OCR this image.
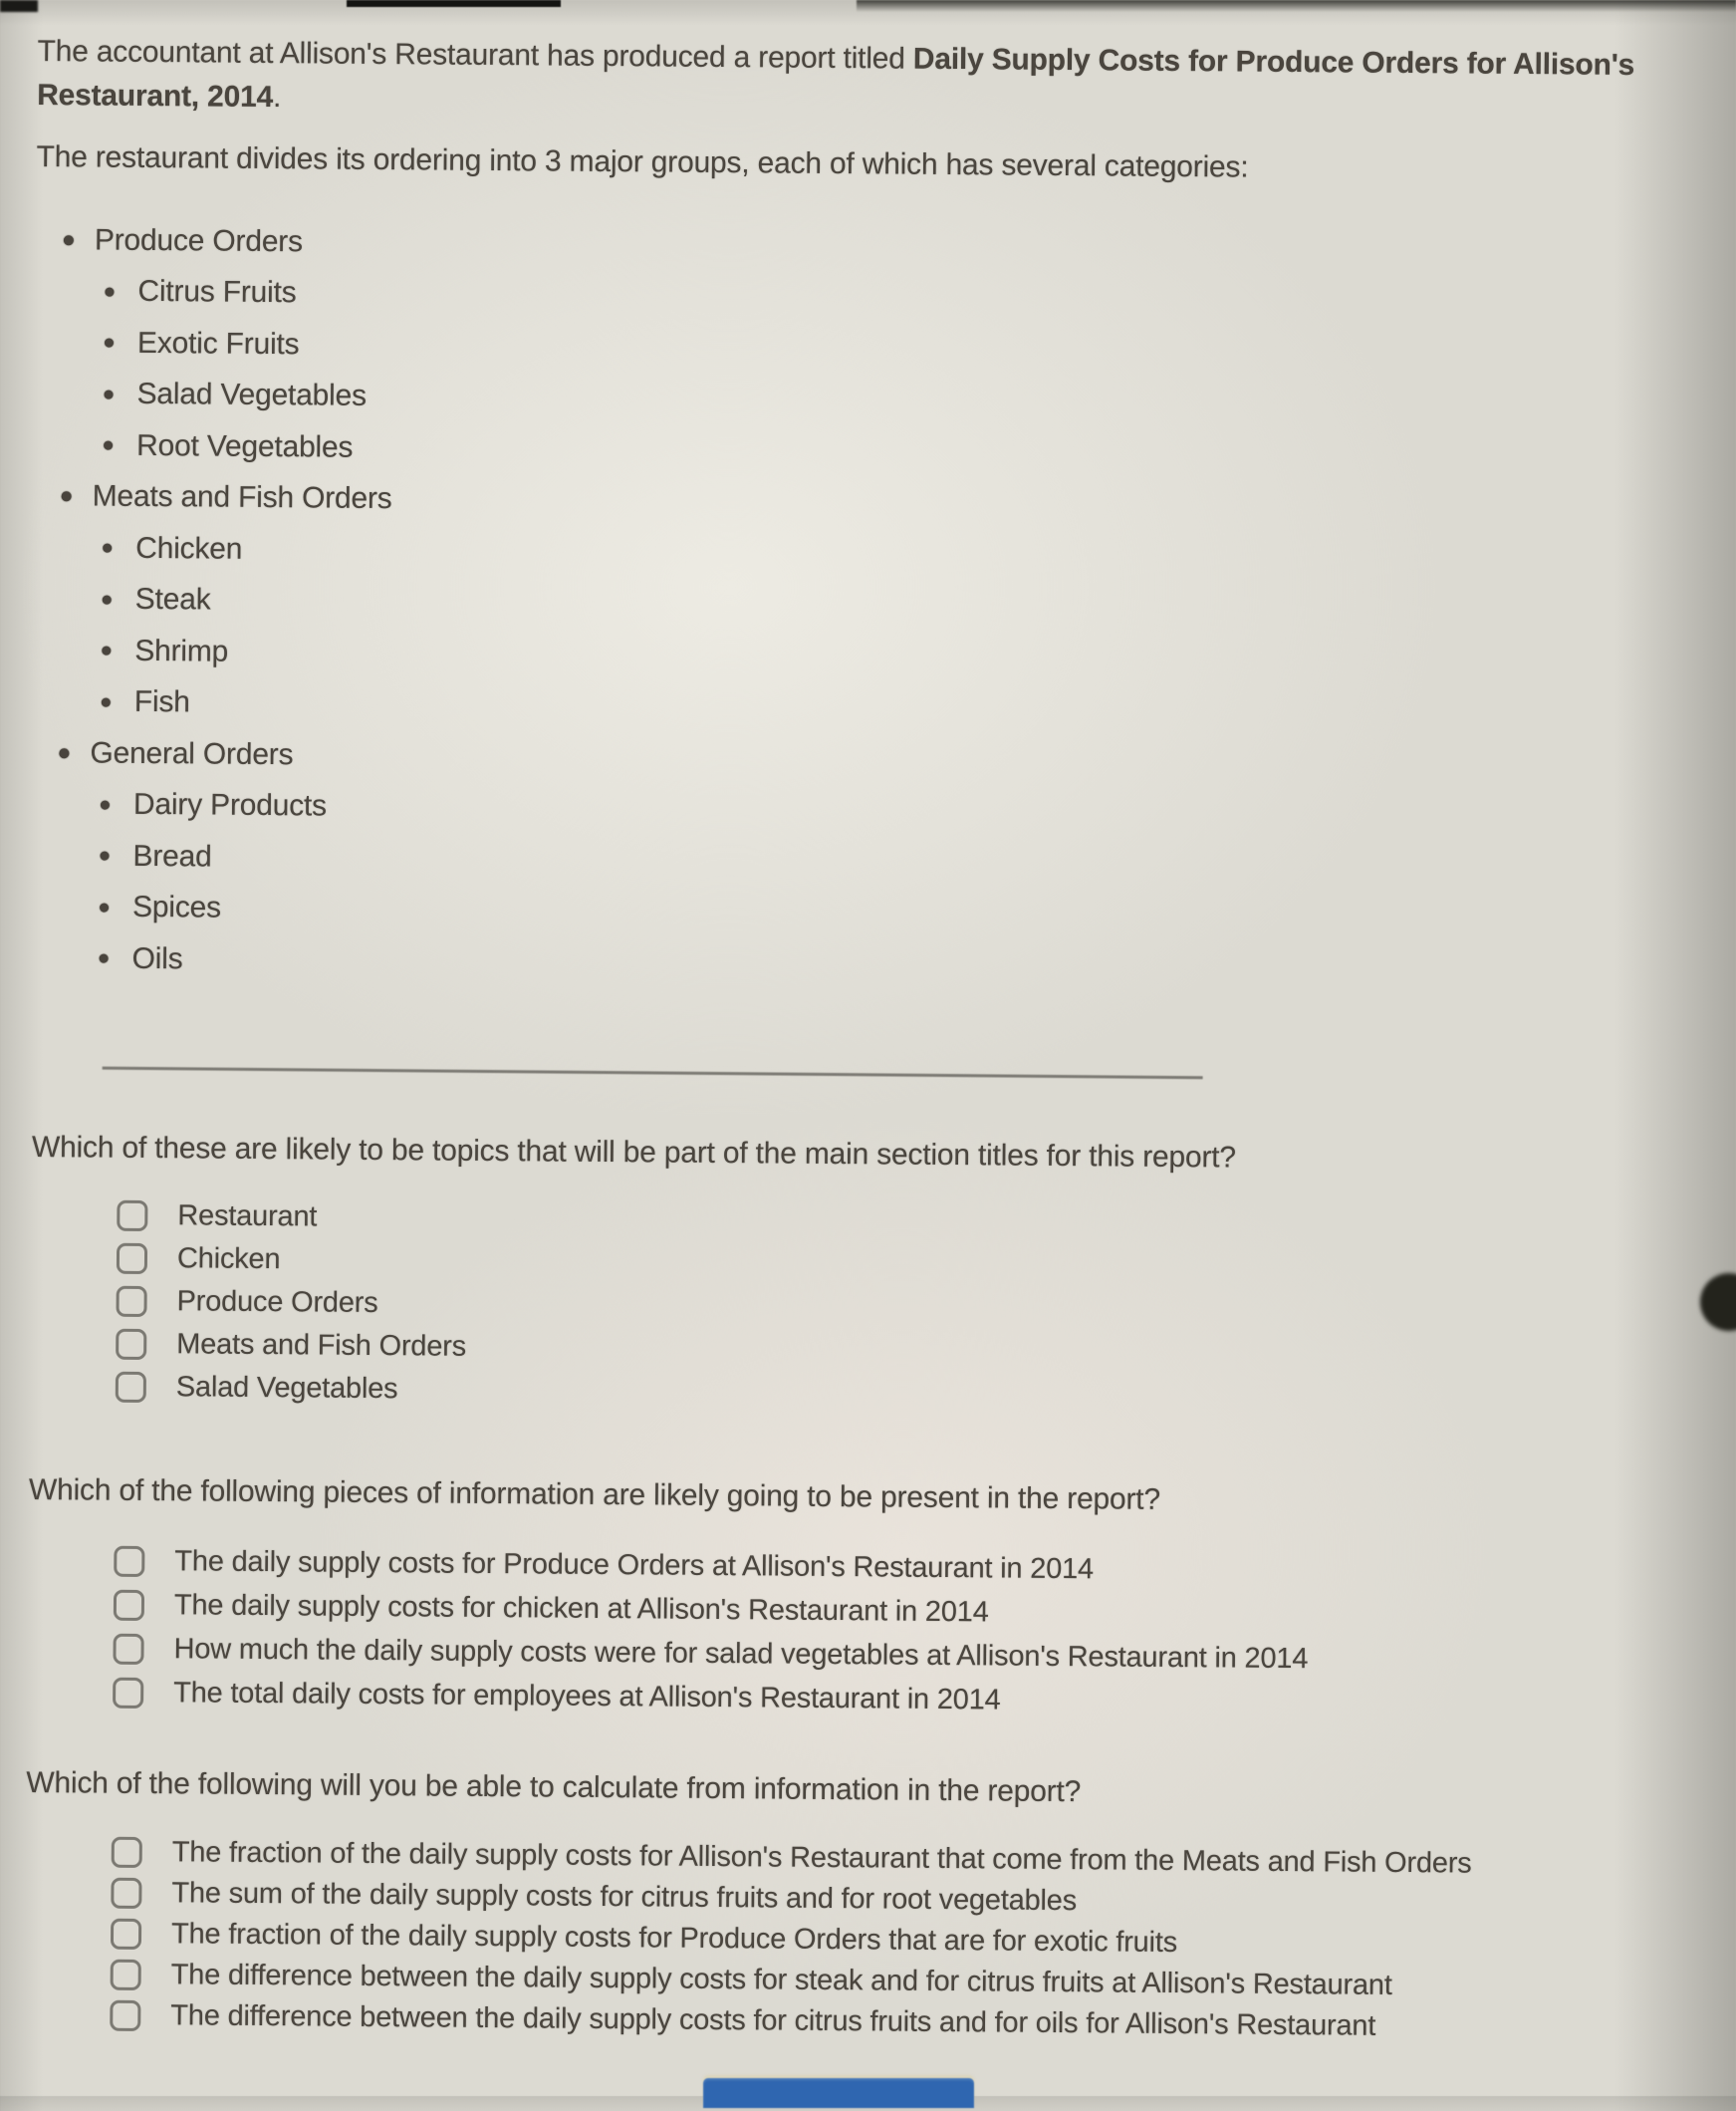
The accountant at Allison's Restaurant has produced a report titled Daily Supply Costs for Produce Orders for Allison's Restaurant, 2014.

The restaurant divides its ordering into 3 major groups, each of which has several categories:

Produce Orders
Citrus Fruits
Exotic Fruits
Salad Vegetables
Root Vegetables
Meats and Fish Orders
Chicken
Steak
Shrimp
Fish
General Orders
Dairy Products
Bread
Spices
Oils

Which of these are likely to be topics that will be part of the main section titles for this report?

Restaurant
Chicken
Produce Orders
Meats and Fish Orders
Salad Vegetables

Which of the following pieces of information are likely going to be present in the report?

The daily supply costs for Produce Orders at Allison's Restaurant in 2014
The daily supply costs for chicken at Allison's Restaurant in 2014
How much the daily supply costs were for salad vegetables at Allison's Restaurant in 2014
The total daily costs for employees at Allison's Restaurant in 2014

Which of the following will you be able to calculate from information in the report?

The fraction of the daily supply costs for Allison's Restaurant that come from the Meats and Fish Orders
The sum of the daily supply costs for citrus fruits and for root vegetables
The fraction of the daily supply costs for Produce Orders that are for exotic fruits
The difference between the daily supply costs for steak and for citrus fruits at Allison's Restaurant
The difference between the daily supply costs for citrus fruits and for oils for Allison's Restaurant
